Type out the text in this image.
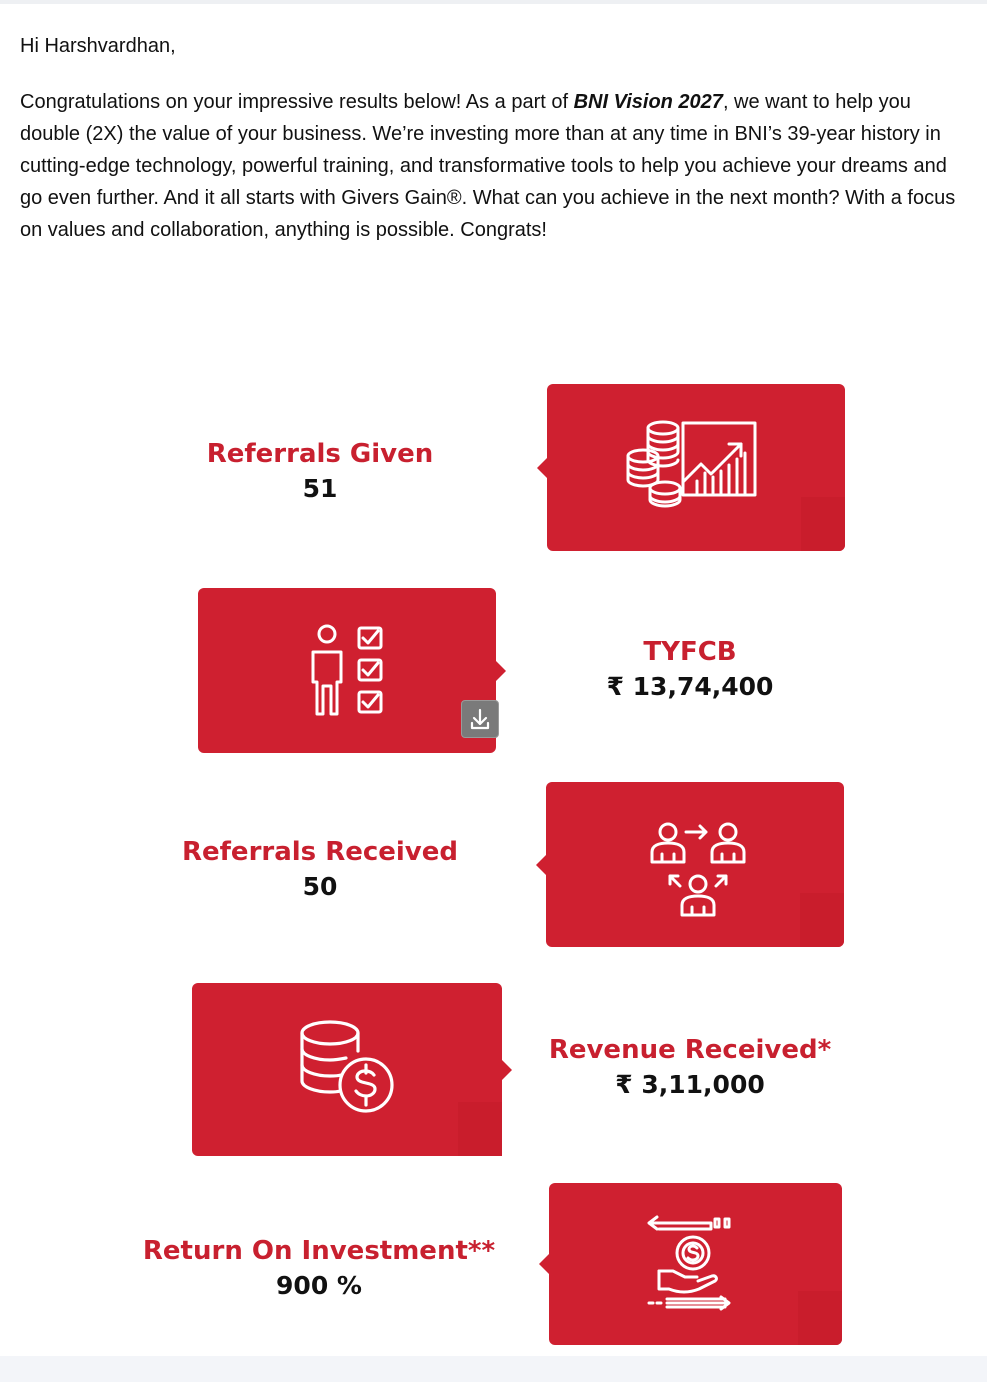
Hi Harshvardhan,

Congratulations on your impressive results below! As a part of BNI Vision 2027, we want to help you double (2X) the value of your business. We’re investing more than at any time in BNI’s 39-year history in cutting-edge technology, powerful training, and transformative tools to help you achieve your dreams and go even further. And it all starts with Givers Gain®. What can you achieve in the next month? With a focus on values and collaboration, anything is possible. Congrats!

Referrals Given
51
TYFCB
₹ 13,74,400
Referrals Received
50
Revenue Received*
₹ 3,11,000
Return On Investment**
900 %
